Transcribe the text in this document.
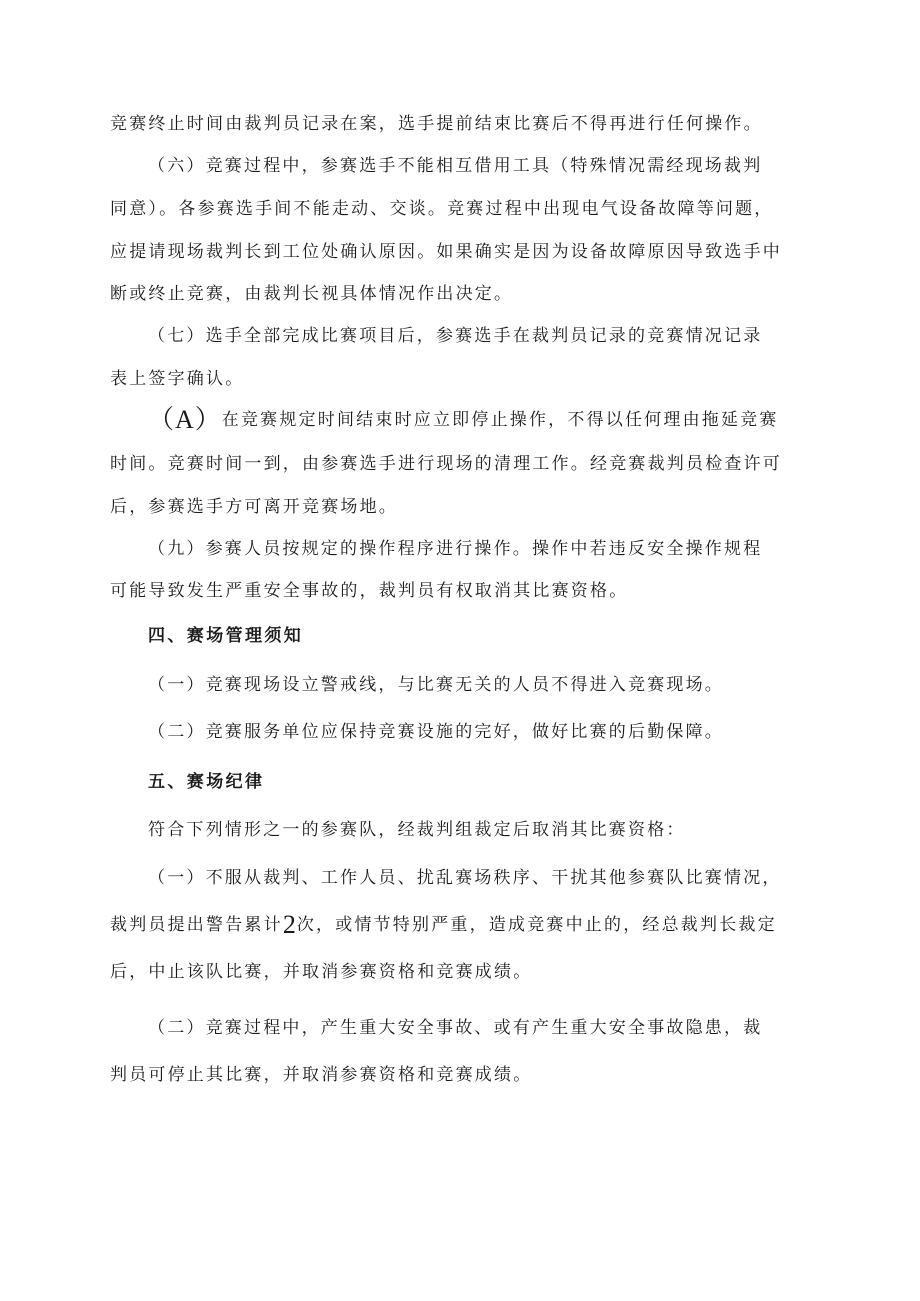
竞赛终止时间由裁判员记录在案，选手提前结束比赛后不得再进行任何操作。
（六）竞赛过程中，参赛选手不能相互借用工具（特殊情况需经现场裁判
同意）。各参赛选手间不能走动、交谈。竞赛过程中出现电气设备故障等问题，
应提请现场裁判长到工位处确认原因。如果确实是因为设备故障原因导致选手中
断或终止竞赛，由裁判长视具体情况作出决定。
（七）选手全部完成比赛项目后，参赛选手在裁判员记录的竞赛情况记录
表上签字确认。
（A）在竞赛规定时间结束时应立即停止操作，不得以任何理由拖延竞赛
时间。竞赛时间一到，由参赛选手进行现场的清理工作。经竞赛裁判员检查许可
后，参赛选手方可离开竞赛场地。
（九）参赛人员按规定的操作程序进行操作。操作中若违反安全操作规程
可能导致发生严重安全事故的，裁判员有权取消其比赛资格。
四、赛场管理须知
（一）竞赛现场设立警戒线，与比赛无关的人员不得进入竞赛现场。
（二）竞赛服务单位应保持竞赛设施的完好，做好比赛的后勤保障。
五、赛场纪律
符合下列情形之一的参赛队，经裁判组裁定后取消其比赛资格：
（一）不服从裁判、工作人员、扰乱赛场秩序、干扰其他参赛队比赛情况，
裁判员提出警告累计2次，或情节特别严重，造成竞赛中止的，经总裁判长裁定
后，中止该队比赛，并取消参赛资格和竞赛成绩。
（二）竞赛过程中，产生重大安全事故、或有产生重大安全事故隐患，裁
判员可停止其比赛，并取消参赛资格和竞赛成绩。
